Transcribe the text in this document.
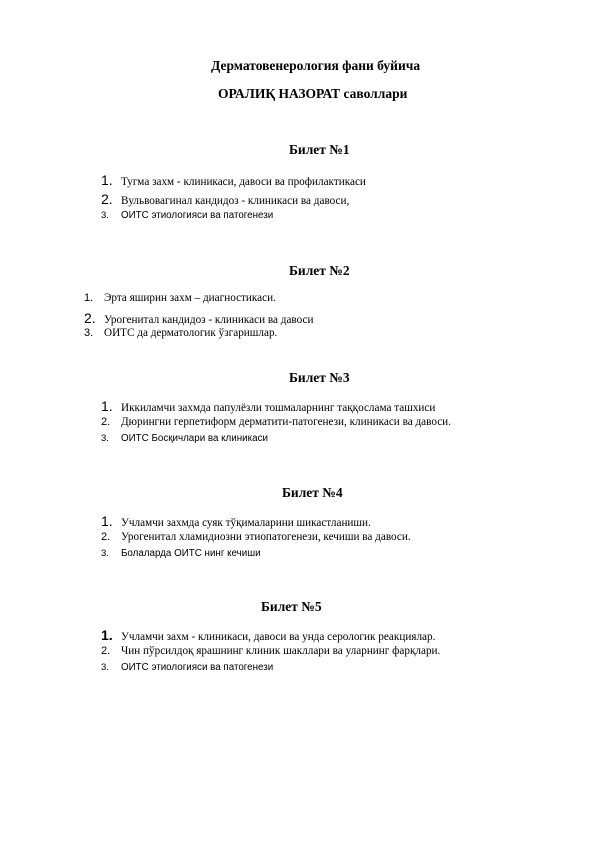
Дерматовенерология фани буйича
ОРАЛИҚ НАЗОРАТ саволлари
Билет №1
1. Тугма захм - клиникаси, давоси ва профилактикаси
2. Вульвовагинал кандидоз - клиникаси ва давоси,
3.	ОИТС этиологияси ва патогенези
Билет №2
1. Эрта яширин захм – диагностикаси.
2. Урогенитал кандидоз - клиникаси ва давоси
3. ОИТС да дерматологик ўзгаришлар.
Билет №3
1. Иккиламчи захмда папулёзли тошмаларнинг таққослама ташхиси
2. Дюрингни герпетиформ дерматити-патогенези, клиникаси ва давоси.
3.	ОИТС Босқичлари ва клиникаси
Билет №4
1. Учламчи захмда суяк тўқималарини шикастланиши.
2. Урогенитал хламидиозни этиопатогенези, кечиши ва давоси.
3.	Болаларда ОИТС нинг кечиши
Билет №5
1. Учламчи захм - клиникаси, давоси ва унда серологик реакциялар.
2. Чин пўрсилдоқ ярашнинг клиник шакллари ва уларнинг фарқлари.
3.	ОИТС этиологияси ва патогенези
